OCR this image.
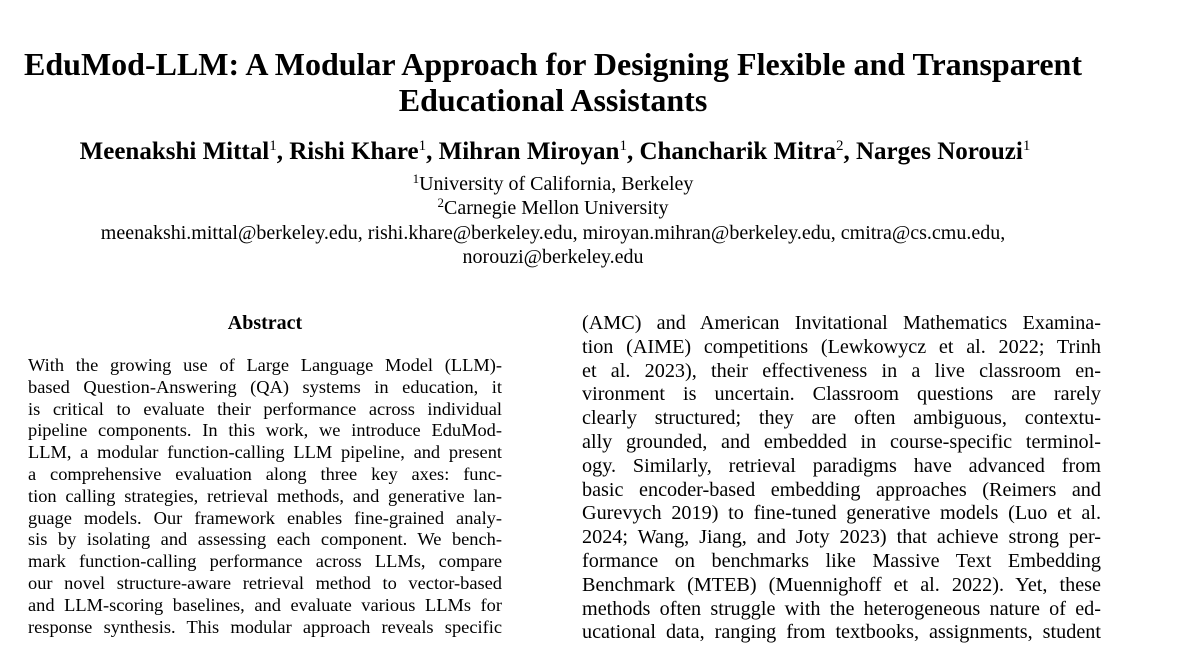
EduMod-LLM: A Modular Approach for Designing Flexible and Transparent
Educational Assistants
Meenakshi Mittal$^1$, Rishi Khare$^1$, Mihran Miroyan$^1$, Chancharik Mitra$^2$, Narges Norouzi$^1$
$^1$University of California, Berkeley
$^2$Carnegie Mellon University
meenakshi.mittal@berkeley.edu, rishi.khare@berkeley.edu, miroyan.mihran@berkeley.edu, cmitra@cs.cmu.edu,
norouzi@berkeley.edu
Abstract
With the growing use of Large Language Model (LLM)-
based Question-Answering (QA) systems in education, it
is critical to evaluate their performance across individual
pipeline components. In this work, we introduce EduMod-
LLM, a modular function-calling LLM pipeline, and present
a comprehensive evaluation along three key axes: func-
tion calling strategies, retrieval methods, and generative lan-
guage models. Our framework enables fine-grained analy-
sis by isolating and assessing each component. We bench-
mark function-calling performance across LLMs, compare
our novel structure-aware retrieval method to vector-based
and LLM-scoring baselines, and evaluate various LLMs for
response synthesis. This modular approach reveals specific
(AMC) and American Invitational Mathematics Examina-
tion (AIME) competitions (Lewkowycz et al. 2022; Trinh
et al. 2023), their effectiveness in a live classroom en-
vironment is uncertain. Classroom questions are rarely
clearly structured; they are often ambiguous, contextu-
ally grounded, and embedded in course-specific terminol-
ogy. Similarly, retrieval paradigms have advanced from
basic encoder-based embedding approaches (Reimers and
Gurevych 2019) to fine-tuned generative models (Luo et al.
2024; Wang, Jiang, and Joty 2023) that achieve strong per-
formance on benchmarks like Massive Text Embedding
Benchmark (MTEB) (Muennighoff et al. 2022). Yet, these
methods often struggle with the heterogeneous nature of ed-
ucational data, ranging from textbooks, assignments, student
